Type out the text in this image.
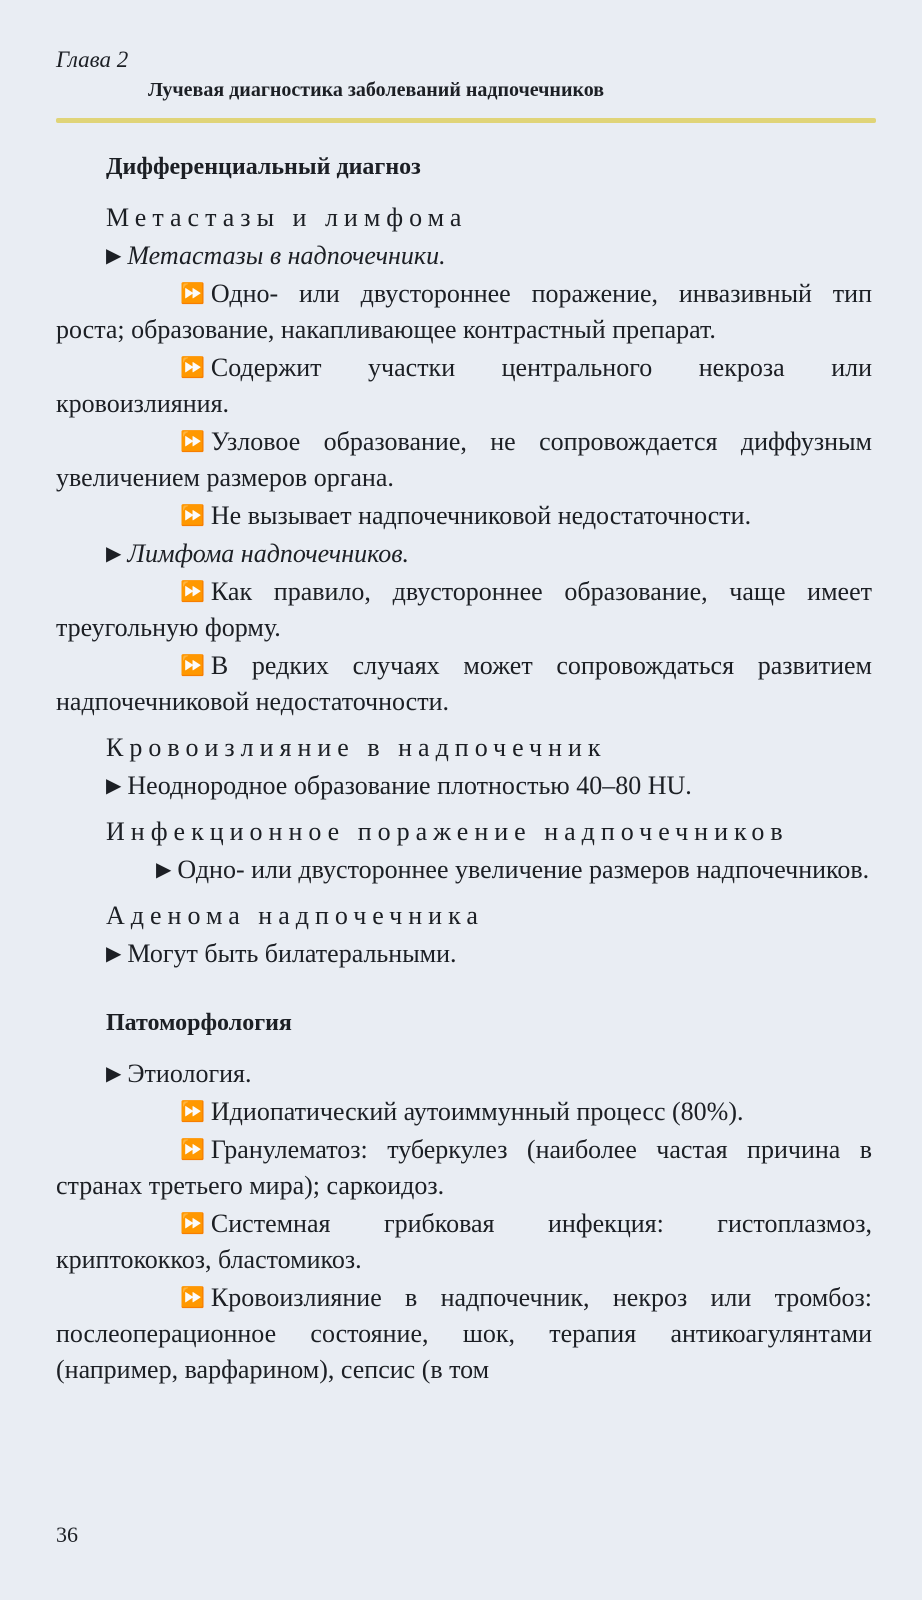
Глава 2
Лучевая диагностика заболеваний надпочечников
Дифференциальный диагноз
Метастазы и лимфома
▶ Метастазы в надпочечники.
⏩ Одно- или двустороннее поражение, инвазивный тип роста; образование, накапливающее контрастный препарат.
⏩ Содержит участки центрального некроза или кровоизлияния.
⏩ Узловое образование, не сопровождается диффузным увеличением размеров органа.
⏩ Не вызывает надпочечниковой недостаточности.
▶ Лимфома надпочечников.
⏩ Как правило, двустороннее образование, чаще имеет треугольную форму.
⏩ В редких случаях может сопровождаться развитием надпочечниковой недостаточности.
Кровоизлияние в надпочечник
▶ Неоднородное образование плотностью 40–80 HU.
Инфекционное поражение надпочечников
▶ Одно- или двустороннее увеличение размеров надпочечников.
Аденома надпочечника
▶ Могут быть билатеральными.
Патоморфология
▶ Этиология.
⏩ Идиопатический аутоиммунный процесс (80%).
⏩ Гранулематоз: туберкулез (наиболее частая причина в странах третьего мира); саркоидоз.
⏩ Системная грибковая инфекция: гистоплазмоз, криптококкоз, бластомикоз.
⏩ Кровоизлияние в надпочечник, некроз или тромбоз: послеоперационное состояние, шок, терапия антикоагулянтами (например, варфарином), сепсис (в том
36
